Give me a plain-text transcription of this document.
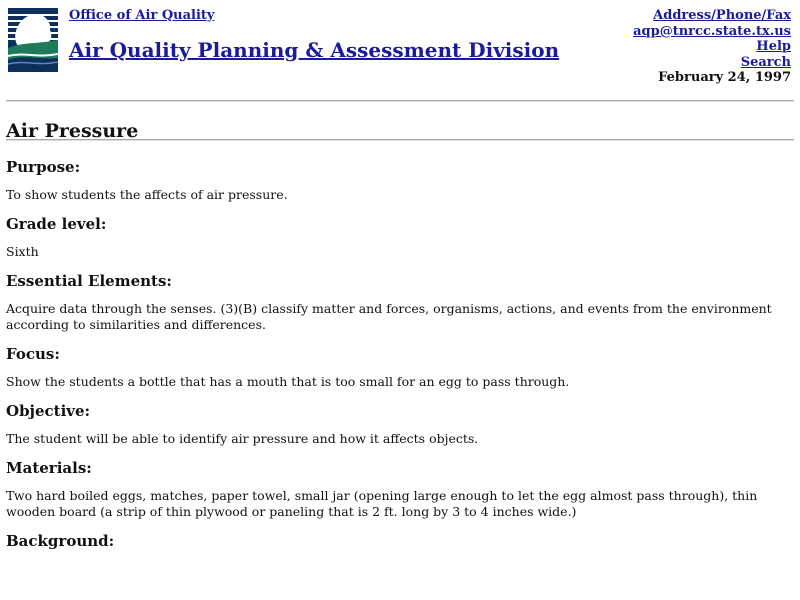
Office of Air Quality
Air Quality Planning & Assessment Division
Address/Phone/Fax
aqp@tnrcc.state.tx.us
Help
Search
February 24, 1997
Air Pressure
Purpose:

To show students the affects of air pressure.

Grade level:

Sixth

Essential Elements:

Acquire data through the senses. (3)(B) classify matter and forces, organisms, actions, and events from the environment according to similarities and differences.

Focus:

Show the students a bottle that has a mouth that is too small for an egg to pass through.

Objective:

The student will be able to identify air pressure and how it affects objects.

Materials:

Two hard boiled eggs, matches, paper towel, small jar (opening large enough to let the egg almost pass through), thin wooden board (a strip of thin plywood or paneling that is 2 ft. long by 3 to 4 inches wide.)

Background:
